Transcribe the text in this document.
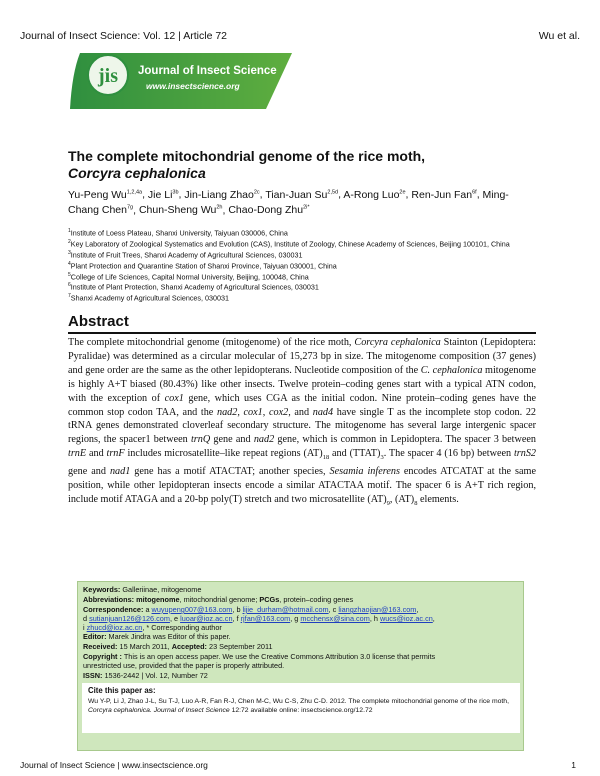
Journal of Insect Science: Vol. 12 | Article 72	Wu et al.
jis Journal of Insect Science
www.insectscience.org
The complete mitochondrial genome of the rice moth,
Corcyra cephalonica
Yu-Peng $Wu^{1,2,4a}$, Jie $Li^{3b}$, Jin-Liang Zhao$^{2c}$, Tian-Juan $Su^{2,5d}$, A-Rong Luo$^{2e}$, Ren-Jun Fan$^{6f}$, Ming-Chang Chen$^{7g}$, Chun-Sheng $Wu^{2h}$, Chao-Dong Zhu$^{2i*}$
$^1$Institute of Loess Plateau, Shanxi University, Taiyuan 030006, China
$^2$Key Laboratory of Zoological Systematics and Evolution (CAS), Institute of Zoology, Chinese Academy of Sciences, Beijing 100101, China
$^3$Institute of Fruit Trees, Shanxi Academy of Agricultural Sciences, 030031
$^4$Plant Protection and Quarantine Station of Shanxi Province, Taiyuan 030001, China
$^5$College of Life Sciences, Capital Normal University, Beijing, 100048, China
$^6$Institute of Plant Protection, Shanxi Academy of Agricultural Sciences, 030031
$^7$Shanxi Academy of Agricultural Sciences, 030031
Abstract
The complete mitochondrial genome (mitogenome) of the rice moth, Corcyra cephalonica Stainton (Lepidoptera: Pyralidae) was determined as a circular molecular of 15,273 bp in size. The mitogenome composition (37 genes) and gene order are the same as the other lepidopterans. Nucleotide composition of the C. cephalonica mitogenome is highly A+T biased (80.43%) like other insects. Twelve protein–coding genes start with a typical ATN codon, with the exception of cox1 gene, which uses CGA as the initial codon. Nine protein–coding genes have the common stop codon TAA, and the nad2, cox1, cox2, and nad4 have single T as the incomplete stop codon. 22 tRNA genes demonstrated cloverleaf secondary structure. The mitogenome has several large intergenic spacer regions, the spacer1 between trnQ gene and nad2 gene, which is common in Lepidoptera. The spacer 3 between trnE and trnF includes microsatellite–like repeat regions $(AT)_{18}$ and $(TTAT)_3$. The spacer 4 (16 bp) between trnS2 gene and nad1 gene has a motif ATACTAT; another species, Sesamia inferens encodes ATCATAT at the same position, while other lepidopteran insects encode a similar ATACTAA motif. The spacer 6 is A+T rich region, include motif ATAGA and a 20-bp poly(T) stretch and two microsatellite $(AT)_9$, $(AT)_8$ elements.
Keywords: Galleriinae, mitogenome
Abbreviations: mitogenome, mitochondrial genome; PCGs, protein–coding genes
Correspondence: a wuyupeng007@163.com, b lijie_durham@hotmail.com, c liangzhaojian@163.com,
d sutianjuan126@126.com, e luoar@ioz.ac.cn, f rjfan@163.com, g mcchensx@sina.com, h wucs@ioz.ac.cn,
i zhucd@ioz.ac.cn, * Corresponding author
Editor: Marek Jindra was Editor of this paper.
Received: 15 March 2011, Accepted: 23 September 2011
Copyright : This is an open access paper. We use the Creative Commons Attribution 3.0 license that permits
unrestricted use, provided that the paper is properly attributed.
ISSN: 1536-2442 | Vol. 12, Number 72
Cite this paper as:
Wu Y-P, Li J, Zhao J-L, Su T-J, Luo A-R, Fan R-J, Chen M-C, Wu C-S, Zhu C-D. 2012. The complete mitochondrial genome of the rice moth, Corcyra cephalonica. Journal of Insect Science 12:72 available online: insectscience.org/12.72
Journal of Insect Science | www.insectscience.org	1
